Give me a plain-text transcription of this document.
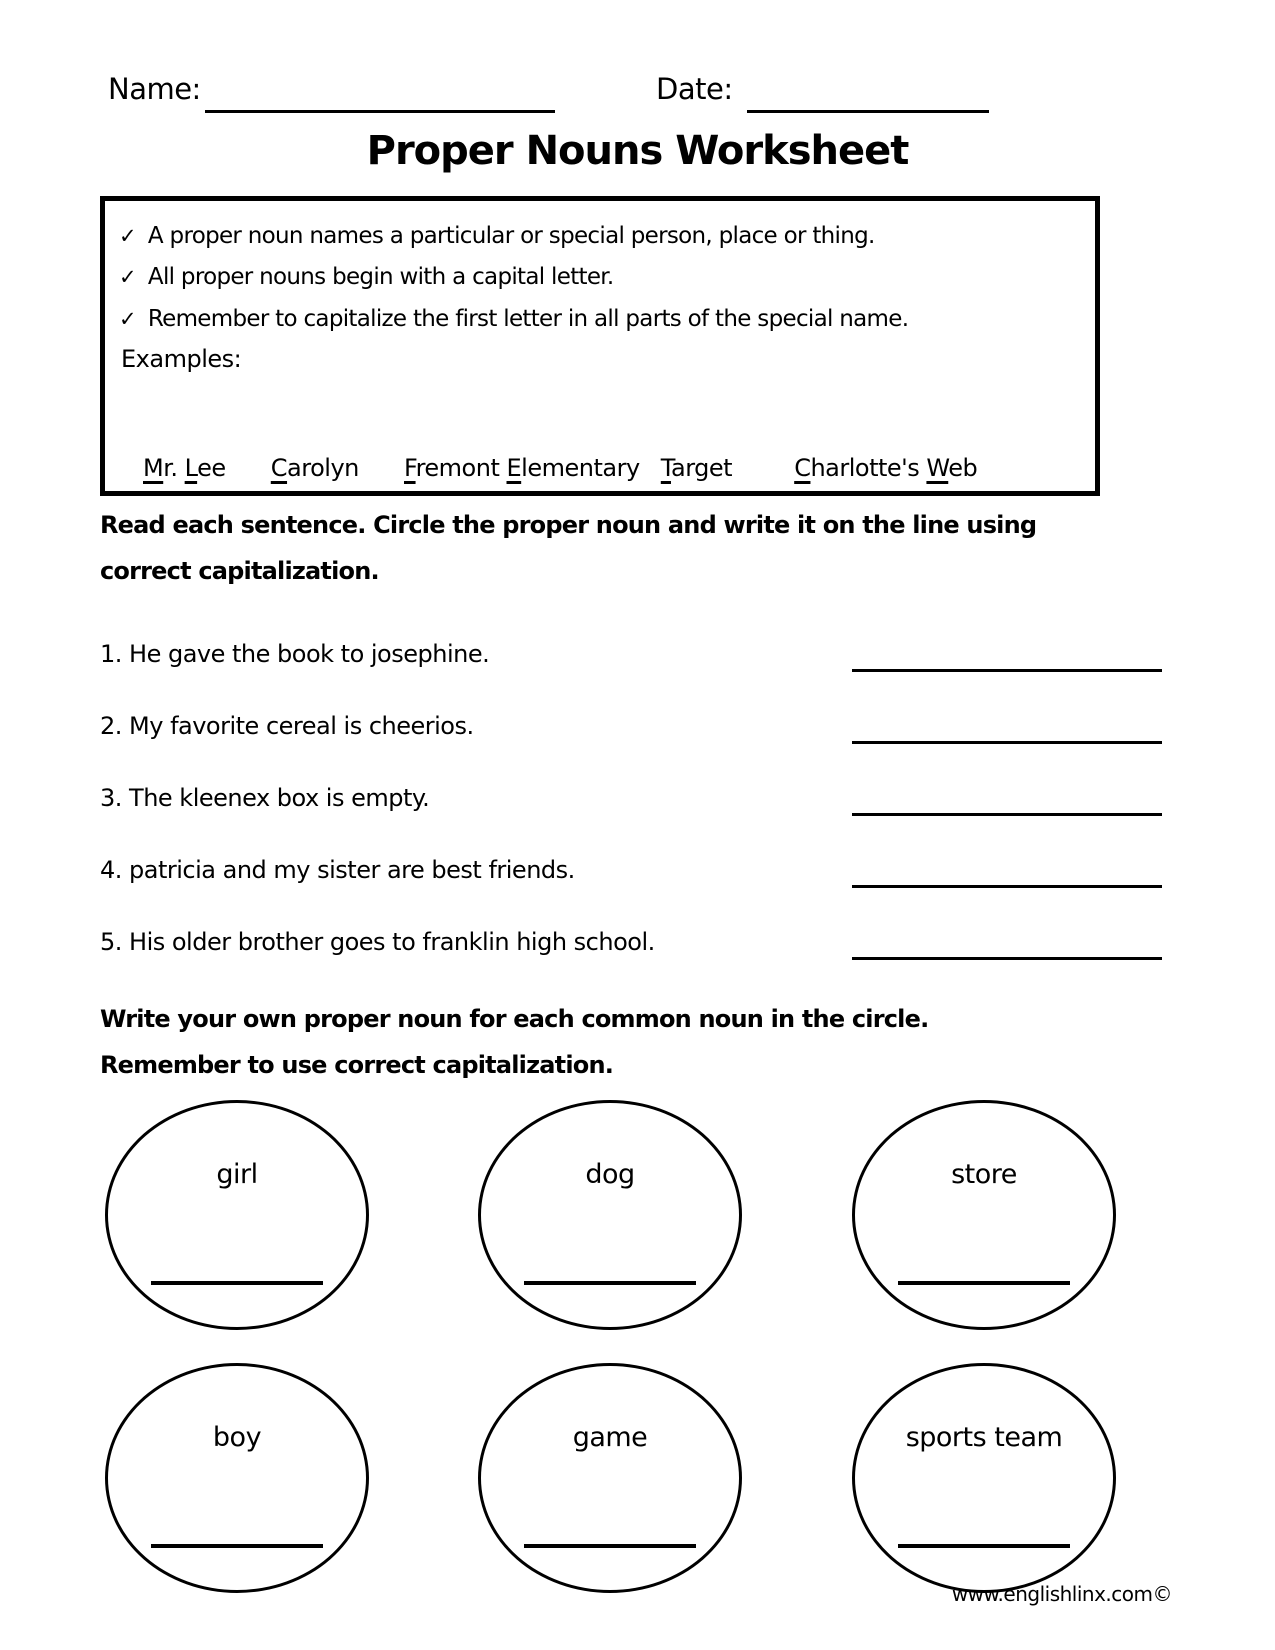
Name:	Date:
Proper Nouns Worksheet
✓ A proper noun names a particular or special person, place or thing.
✓ All proper nouns begin with a capital letter.
✓ Remember to capitalize the first letter in all parts of the special name.
Examples:
Mr. Lee Carolyn Fremont Elementary Target	Charlotte's Web
Read each sentence. Circle the proper noun and write it on the line using
correct capitalization.
1. He gave the book to josephine.
2. My favorite cereal is cheerios.
3. The kleenex box is empty.
4. patricia and my sister are best friends.
5. His older brother goes to franklin high school.
Write your own proper noun for each common noun in the circle.
Remember to use correct capitalization.
girl	dog	store
boy	game	sports team
www.englishlinx.com©
